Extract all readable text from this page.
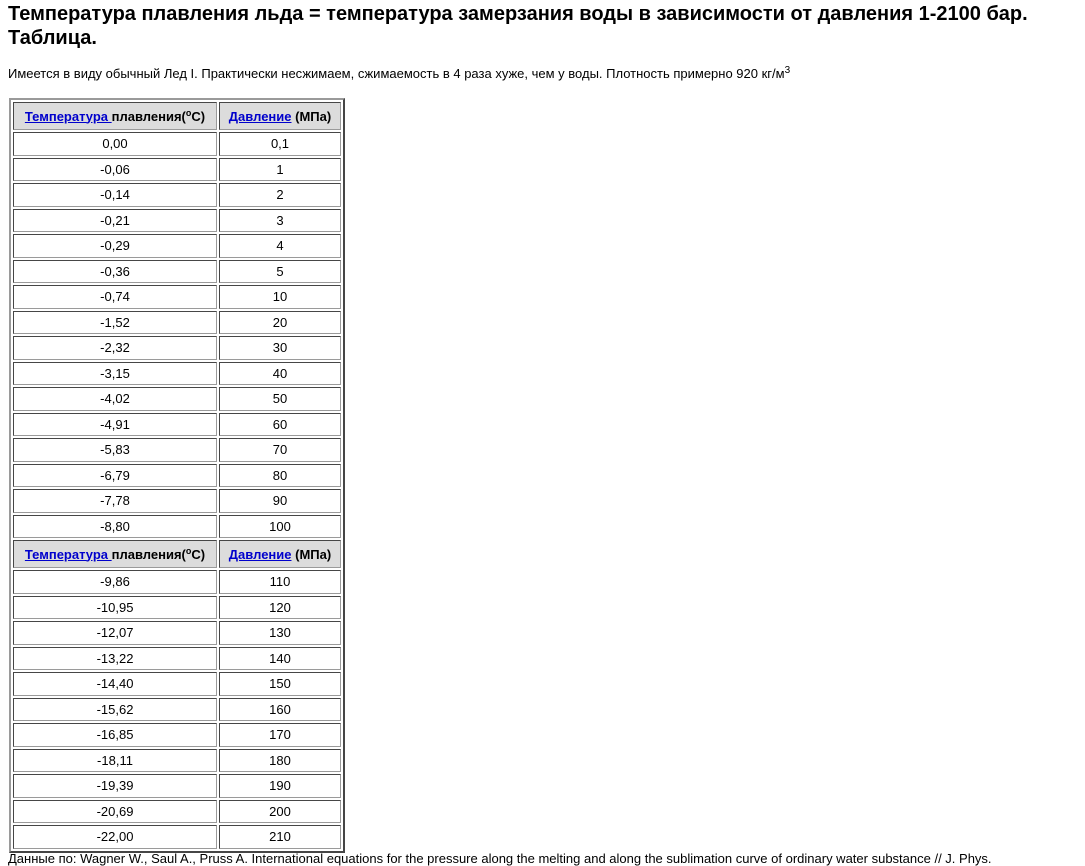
Температура плавления льда = температура замерзания воды в зависимости от давления 1-2100 бар. Таблица.

Имеется в виду обычный Лед I. Практически несжимаем, сжимаемость в 4 раза хуже, чем у воды. Плотность примерно 920 $кг/м^3$

Температура плавления($^o$C)	Давление (МПа)
0,00	0,1
-0,06	1
-0,14	2
-0,21	3
-0,29	4
-0,36	5
-0,74	10
-1,52	20
-2,32	30
-3,15	40
-4,02	50
-4,91	60
-5,83	70
-6,79	80
-7,78	90
-8,80	100
Температура плавления($^o$C)	Давление (МПа)
-9,86	110
-10,95	120
-12,07	130
-13,22	140
-14,40	150
-15,62	160
-16,85	170
-18,11	180
-19,39	190
-20,69	200
-22,00	210

Данные по: Wagner W., Saul A., Pruss A. International equations for the pressure along the melting and along the sublimation curve of ordinary water substance // J. Phys.
